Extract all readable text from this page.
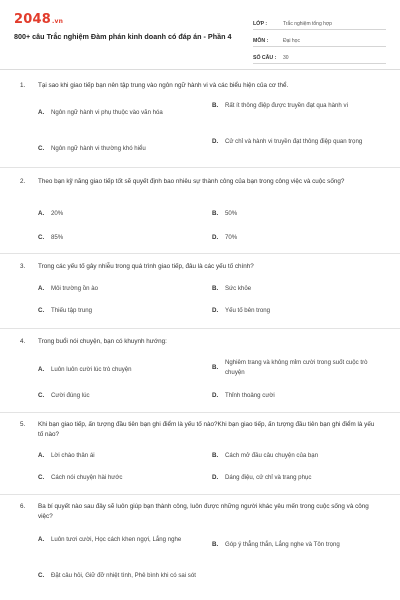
2048.vn
800+ câu Trắc nghiệm Đàm phán kinh doanh có đáp án - Phần 4
LỚP :	Trắc nghiệm tổng hợp
MÔN :	Đại học
SỐ CÂU :	30
1. Tại sao khi giao tiếp bạn nên tập trung vào ngôn ngữ hành vi và các biểu hiện của cơ thể.
A.	Ngôn ngữ hành vi phụ thuộc vào văn hóa
B.	Rất ít thông điệp được truyền đạt qua hành vi
C.	Ngôn ngữ hành vi thường khó hiểu
D.	Cử chỉ và hành vi truyền đạt thông điệp quan trọng
2. Theo bạn kỹ năng giao tiếp tốt sẽ quyết định bao nhiêu sự thành công của bạn trong công việc và cuộc sống?
A.	20%	B.	50%
C.	85%	D.	70%
3. Trong các yếu tố gây nhiễu trong quá trình giao tiếp, đâu là các yếu tố chính?
A.	Môi trường ồn ào	B.	Sức khỏe
C.	Thiếu tập trung	D.	Yếu tố bên trong
4. Trong buổi nói chuyện, bạn có khuynh hướng:
A.	Luôn luôn cười lúc trò chuyện	B.
Nghiêm trang và không mỉm cười trong suốt cuộc trò chuyện
C.	Cười đúng lúc	D.	Thỉnh thoảng cười
5. Khi bạn giao tiếp, ấn tượng đầu tiên bạn ghi điểm là yếu tố nào?Khi bạn giao tiếp, ấn tượng đầu tiên bạn ghi điểm là yếu tố nào?
A.	Lời chào thân ái	B.	Cách mở đầu câu chuyện của bạn
C.	Cách nói chuyện hài hước	D.	Dáng điệu, cử chỉ và trang phục
6. Ba bí quyết nào sau đây sẽ luôn giúp bạn thành công, luôn được những người khác yêu mến trong cuộc sống và công việc?
A.	Luôn tươi cười, Học cách khen ngợi, Lắng nghe
B.	Góp ý thẳng thắn, Lắng nghe và Tôn trọng
C.	Đặt câu hỏi, Giữ đỡ nhiệt tình, Phê bình khi có sai sót
